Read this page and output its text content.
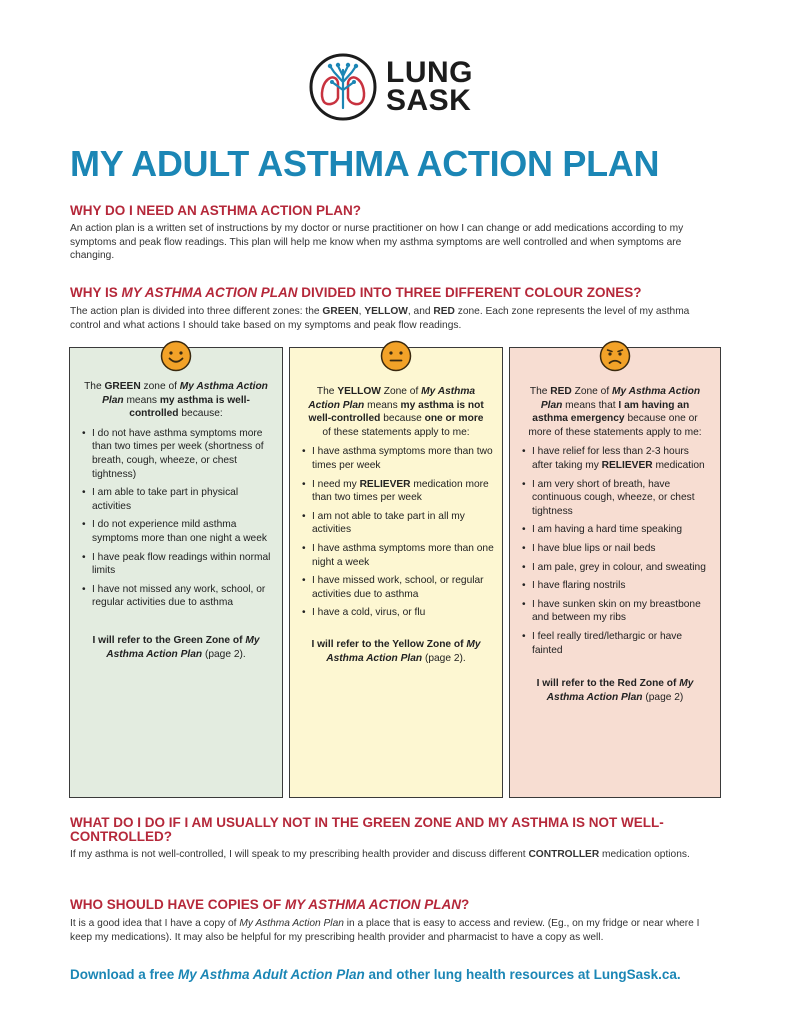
LUNG
SASK
MY ADULT ASTHMA ACTION PLAN
WHY DO I NEED AN ASTHMA ACTION PLAN?
An action plan is a written set of instructions by my doctor or nurse practitioner on how I can change or add medications according to my symptoms and peak flow readings. This plan will help me know when my asthma symptoms are well controlled and when symptoms are changing.
WHY IS MY ASTHMA ACTION PLAN DIVIDED INTO THREE DIFFERENT COLOUR ZONES?
The action plan is divided into three different zones: the GREEN, YELLOW, and RED zone. Each zone represents the level of my asthma control and what actions I should take based on my symptoms and peak flow readings.
The GREEN zone of My Asthma Action Plan means my asthma is well-controlled because:
• I do not have asthma symptoms more than two times per week (shortness of breath, cough, wheeze, or chest tightness)
• I am able to take part in physical activities
• I do not experience mild asthma symptoms more than one night a week
• I have peak flow readings within normal limits
• I have not missed any work, school, or regular activities due to asthma
I will refer to the Green Zone of My Asthma Action Plan (page 2).
The YELLOW Zone of My Asthma Action Plan means my asthma is not well-controlled because one or more of these statements apply to me:
• I have asthma symptoms more than two times per week
• I need my RELIEVER medication more than two times per week
• I am not able to take part in all my activities
• I have asthma symptoms more than one night a week
• I have missed work, school, or regular activities due to asthma
• I have a cold, virus, or flu
I will refer to the Yellow Zone of My Asthma Action Plan (page 2).
The RED Zone of My Asthma Action Plan means that I am having an asthma emergency because one or more of these statements apply to me:
• I have relief for less than 2-3 hours after taking my RELIEVER medication
• I am very short of breath, have continuous cough, wheeze, or chest tightness
• I am having a hard time speaking
• I have blue lips or nail beds
• I am pale, grey in colour, and sweating
• I have flaring nostrils
• I have sunken skin on my breastbone and between my ribs
• I feel really tired/lethargic or have fainted
I will refer to the Red Zone of My Asthma Action Plan (page 2)
WHAT DO I DO IF I AM USUALLY NOT IN THE GREEN ZONE AND MY ASTHMA IS NOT WELL-CONTROLLED?
If my asthma is not well-controlled, I will speak to my prescribing health provider and discuss different CONTROLLER medication options.
WHO SHOULD HAVE COPIES OF MY ASTHMA ACTION PLAN?
It is a good idea that I have a copy of My Asthma Action Plan in a place that is easy to access and review. (Eg., on my fridge or near where I keep my medications). It may also be helpful for my prescribing health provider and pharmacist to have a copy as well.
Download a free My Asthma Adult Action Plan and other lung health resources at LungSask.ca.
